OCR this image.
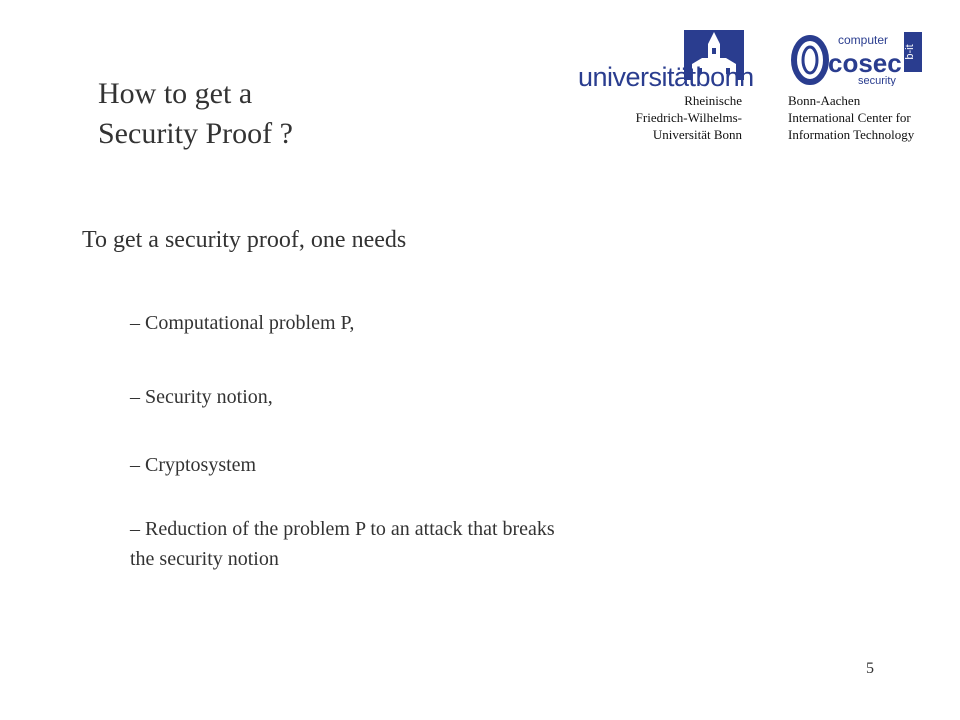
How to get a
Security Proof ?
universitätbonn
Rheinische
Friedrich-Wilhelms-
Universität Bonn
computer
cosec
security
b-it
Bonn-Aachen
International Center for
Information Technology
To get a security proof, one needs
– Computational problem P,
– Security notion,
– Cryptosystem
– Reduction of the problem P to an attack that breaks
the security notion
5
